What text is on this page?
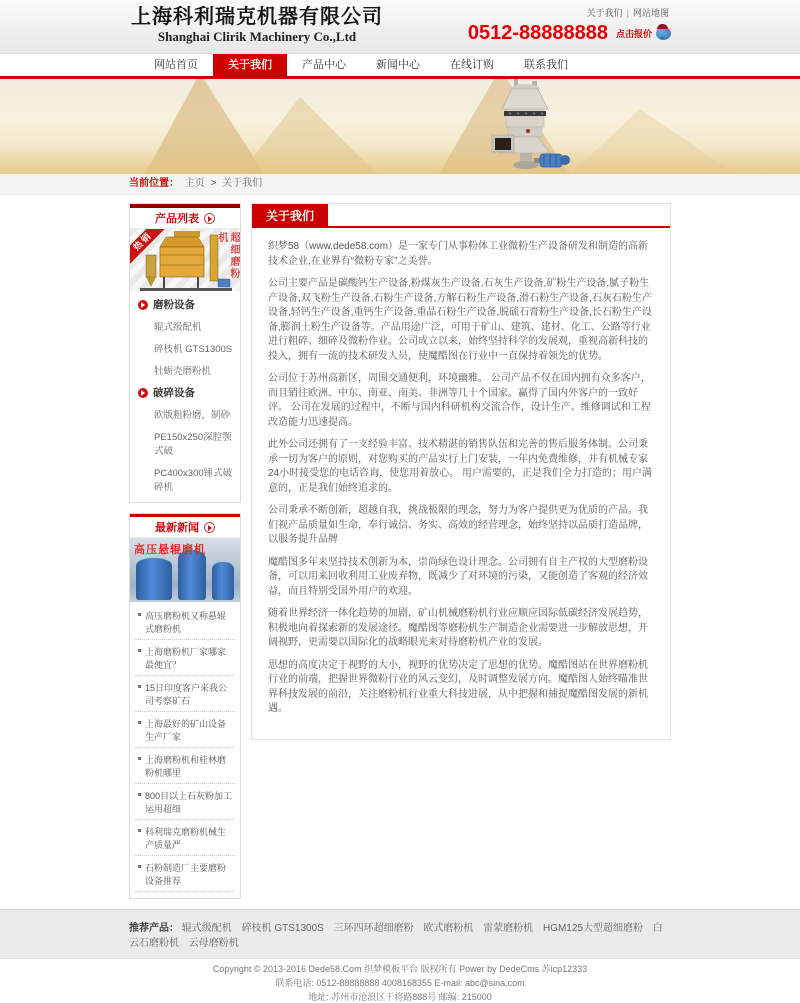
上海科利瑞克机器有限公司
Shanghai Clirik Machinery Co.,Ltd
关于我们 | 网站地图
0512-88888888 点击报价
网站首页	关于我们	产品中心	新闻中心	在线订购	联系我们
当前位置： 主页 > 关于我们
产品列表
热销	超细磨粉机
磨粉设备
辊式级配机
碎枝机 GTS1300S
牡蛎壳磨粉机
破碎设备
欧版粗粉磨，制砂
PE150x250深腔颚式破
PC400x300锤式破碎机
最新新闻
高压悬辊磨机
高压磨粉机又称悬辊式磨粉机
上海磨粉机厂家哪家最便宜？
15日印度客户来我公司考察矿石
上海最好的矿山设备生产厂家
上海磨粉机和桂林磨粉机哪里
800目以上石灰粉加工运用超细
科利瑞克磨粉机械生产质量严
石粉制造厂主要磨粉设备推荐
关于我们

织梦58（www.dede58.com）是一家专门从事粉体工业微粉生产设备研发和制造的高新技术企业,在业界有“微粉专家”之美誉。

公司主要产品是碳酸钙生产设备,粉煤灰生产设备,石灰生产设备,矿粉生产设备,腻子粉生产设备,双飞粉生产设备,石粉生产设备,方解石粉生产设备,滑石粉生产设备,石灰石粉生产设备,轻钙生产设备,重钙生产设备,重晶石粉生产设备,脱硫石膏粉生产设备,长石粉生产设备,膨润土粉生产设备等。产品用途广泛，可用于矿山、建筑、建材、化工、公路等行业进行粗碎、细碎及微粉作业。公司成立以来，始终坚持科学的发展观，重视高新科技的投入，拥有一流的技术研发人员，使魔酷图在行业中一直保持着领先的优势。

公司位于苏州高新区，周围交通便利，环境幽雅。 公司产品不仅在国内拥有众多客户，而且销往欧洲、中东、南亚、南美、非洲等几十个国家。赢得了国内外客户的一致好评。 公司在发展的过程中，不断与国内科研机构交流合作，设计生产、维修调试和工程改造能力迅速提高。

此外公司还拥有了一支经验丰富、技术精湛的销售队伍和完善的售后服务体制。公司秉承一切为客户的原则，对您购买的产品实行上门安装，一年内免费维修，并有机械专家24小时接受您的电话咨询，使您用着放心。 用户需要的，正是我们全力打造的；用户满意的，正是我们始终追求的。

公司秉承不断创新，超越自我，挑战极限的理念，努力为客户提供更为优质的产品。我们视产品质量如生命，奉行诚信、务实、高效的经营理念，始终坚持以品质打造品牌，以服务提升品牌

魔酷图多年来坚持技术创新为本，崇尚绿色设计理念。公司拥有自主产权的大型磨粉设备，可以用来回收利用工业废弃物，既减少了对环境的污染，又能创造了客观的经济效益，而且特别受国外用户的欢迎。

随着世界经济一体化趋势的加剧，矿山机械磨粉机行业应顺应国际低碳经济发展趋势，积极地向着探索新的发展途径。魔酷图等磨粉机生产制造企业需要进一步解放思想，开阔视野，更需要以国际化的战略眼光来对待磨粉机产业的发展。

思想的高度决定于视野的大小，视野的优势决定了思想的优势。魔酷图站在世界磨粉机行业的前端，把握世界微粉行业的风云变幻，及时调整发展方向。魔酷图人始终瞄准世界科技发展的前沿，关注磨粉机行业重大科技进展，从中把握和捕捉魔酷图发展的新机遇。

推荐产品： 辊式级配机 碎枝机 GTS1300S 三环四环超细磨粉 欧式磨粉机 雷蒙磨粉机 HGM125大型超细磨粉 白云石磨粉机 云母磨粉机
Copyright © 2013-2016 Dede58.Com 织梦模板平台 版权所有 Power by DedeCms 苏icp12333
联系电话: 0512-88888888 4008168355 E-mail: abc@sina.com
地址: 苏州市沧浪区干将路888号 邮编: 215000
